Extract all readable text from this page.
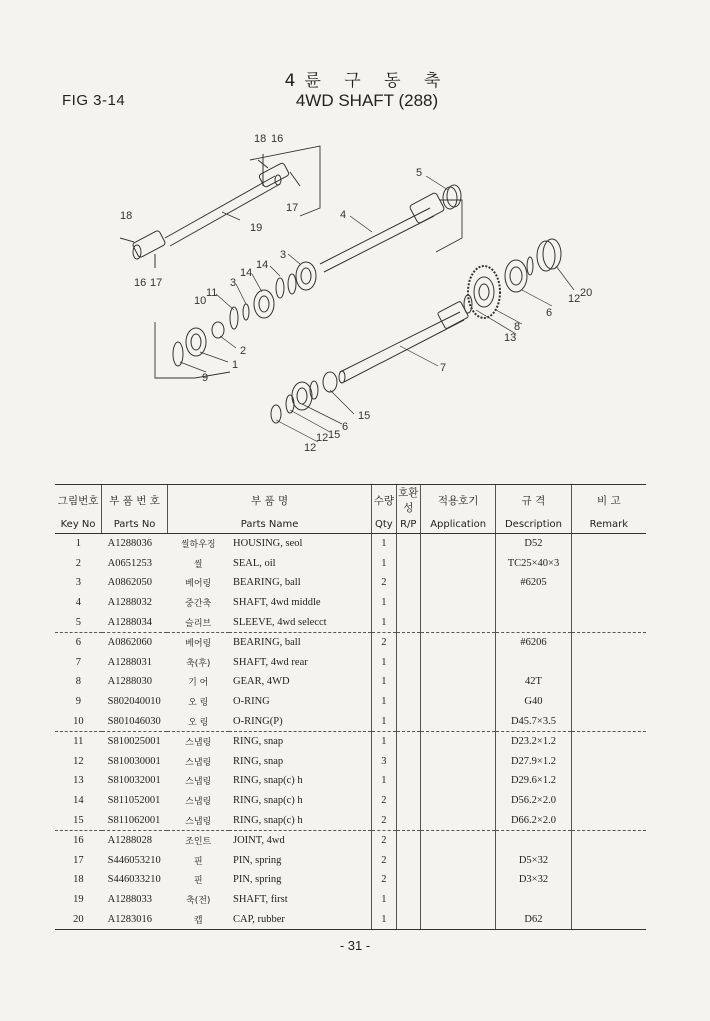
FIG 3-14
4륜 구 동 축
4WD SHAFT (288)
18 16
17
5
18
19
4
16 17
14
3
10
11
3
14
12 20
6
8
13
9
2
1	7
15
6
12
12
15
그림번호	부 품 번 호	부 품 명		수량	호환성	적용호기	규 격	비 고
Key No	Parts No	Parts Name		Qty	R/P	Application	Description	Remark
1	A1288036	씰하우징	HOUSING, seol	1			D52	
2	A0651253	씰	SEAL, oil	1			TC25×40×3	
3	A0862050	베어링	BEARING, ball	2			#6205	
4	A1288032	중간축	SHAFT, 4wd middle	1				
5	A1288034	슬리브	SLEEVE, 4wd selecct	1				
6	A0862060	베어링	BEARING, ball	2			#6206	
7	A1288031	축(후)	SHAFT, 4wd rear	1				
8	A1288030	기 어	GEAR, 4WD	1			42T	
9	S802040010	오 링	O-RING	1			G40	
10	S801046030	오 링	O-RING(P)	1			D45.7×3.5	
11	S810025001	스냅링	RING, snap	1			D23.2×1.2	
12	S810030001	스냅링	RING, snap	3			D27.9×1.2	
13	S810032001	스냅링	RING, snap(c) h	1			D29.6×1.2	
14	S811052001	스냅링	RING, snap(c) h	2			D56.2×2.0	
15	S811062001	스냅링	RING, snap(c) h	2			D66.2×2.0	
16	A1288028	조인트	JOINT, 4wd	2				
17	S446053210	핀	PIN, spring	2			D5×32	
18	S446033210	핀	PIN, spring	2			D3×32	
19	A1288033	축(전)	SHAFT, first	1				
20	A1283016	캡	CAP, rubber	1			D62	
- 31 -
